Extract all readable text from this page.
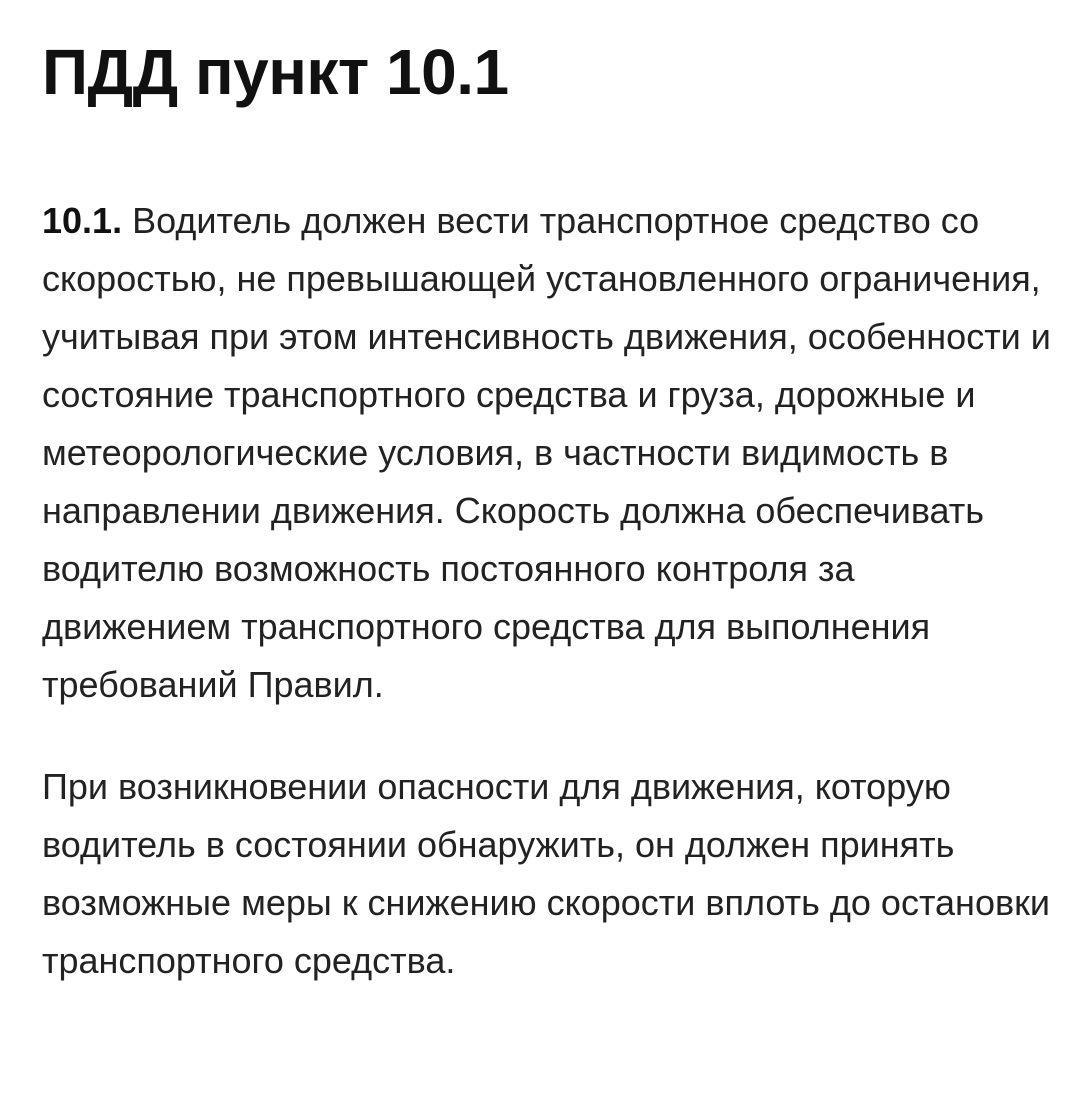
ПДД пункт 10.1

10.1. Водитель должен вести транспортное средство со скоростью, не превышающей установленного ограничения, учитывая при этом интенсивность движения, особенности и состояние транспортного средства и груза, дорожные и метеорологические условия, в частности видимость в направлении движения. Скорость должна обеспечивать водителю возможность постоянного контроля за движением транспортного средства для выполнения требований Правил.

При возникновении опасности для движения, которую водитель в состоянии обнаружить, он должен принять возможные меры к снижению скорости вплоть до остановки транспортного средства.
